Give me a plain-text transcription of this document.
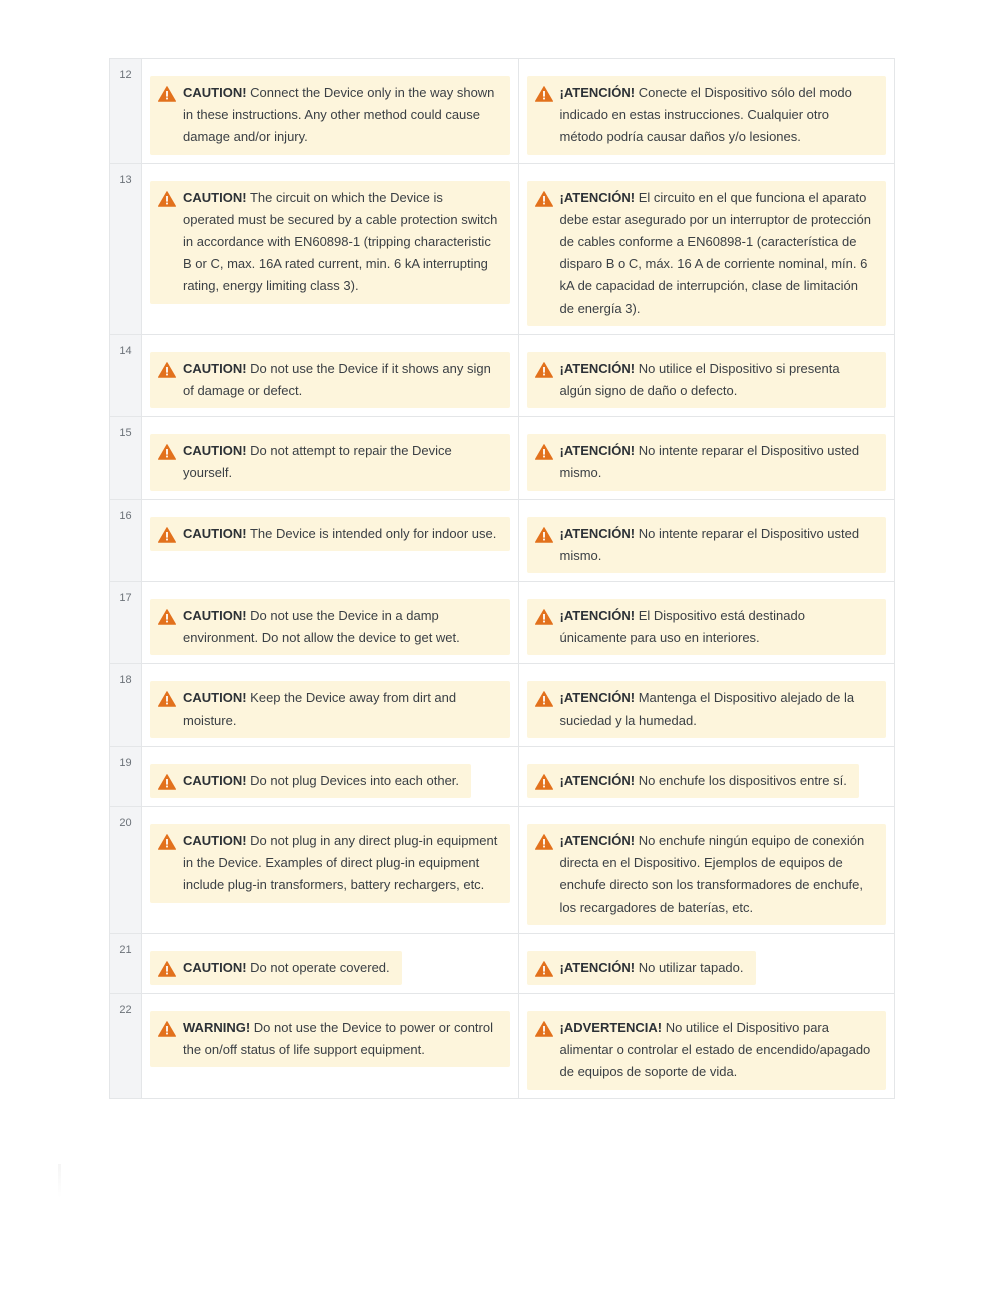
12
CAUTION! Connect the Device only in the way shown in these instructions. Any other method could cause damage and/or injury.
¡ATENCIÓN! Conecte el Dispositivo sólo del modo indicado en estas instrucciones. Cualquier otro método podría causar daños y/o lesiones.
13
CAUTION! The circuit on which the Device is operated must be secured by a cable protection switch in accordance with EN60898-1 (tripping characteristic B or C, max. 16A rated current, min. 6 kA interrupting rating, energy limiting class 3).
¡ATENCIÓN! El circuito en el que funciona el aparato debe estar asegurado por un interruptor de protección de cables conforme a EN60898-1 (característica de disparo B o C, máx. 16 A de corriente nominal, mín. 6 kA de capacidad de interrupción, clase de limitación de energía 3).
14
CAUTION! Do not use the Device if it shows any sign of damage or defect.
¡ATENCIÓN! No utilice el Dispositivo si presenta algún signo de daño o defecto.
15
CAUTION! Do not attempt to repair the Device yourself.
¡ATENCIÓN! No intente reparar el Dispositivo usted mismo.
16
CAUTION! The Device is intended only for indoor use.	¡ATENCIÓN! No intente reparar el Dispositivo usted mismo.
17
CAUTION! Do not use the Device in a damp environment. Do not allow the device to get wet.
¡ATENCIÓN! El Dispositivo está destinado únicamente para uso en interiores.
18
CAUTION! Keep the Device away from dirt and moisture.
¡ATENCIÓN! Mantenga el Dispositivo alejado de la suciedad y la humedad.
19
CAUTION! Do not plug Devices into each other.	¡ATENCIÓN! No enchufe los dispositivos entre sí.
20
CAUTION! Do not plug in any direct plug-in equipment in the Device. Examples of direct plug-in equipment include plug-in transformers, battery rechargers, etc.
¡ATENCIÓN! No enchufe ningún equipo de conexión directa en el Dispositivo. Ejemplos de equipos de enchufe directo son los transformadores de enchufe, los recargadores de baterías, etc.
21
CAUTION! Do not operate covered.	¡ATENCIÓN! No utilizar tapado.
22
WARNING! Do not use the Device to power or control the on/off status of life support equipment.
¡ADVERTENCIA! No utilice el Dispositivo para alimentar o controlar el estado de encendido/apagado de equipos de soporte de vida.
